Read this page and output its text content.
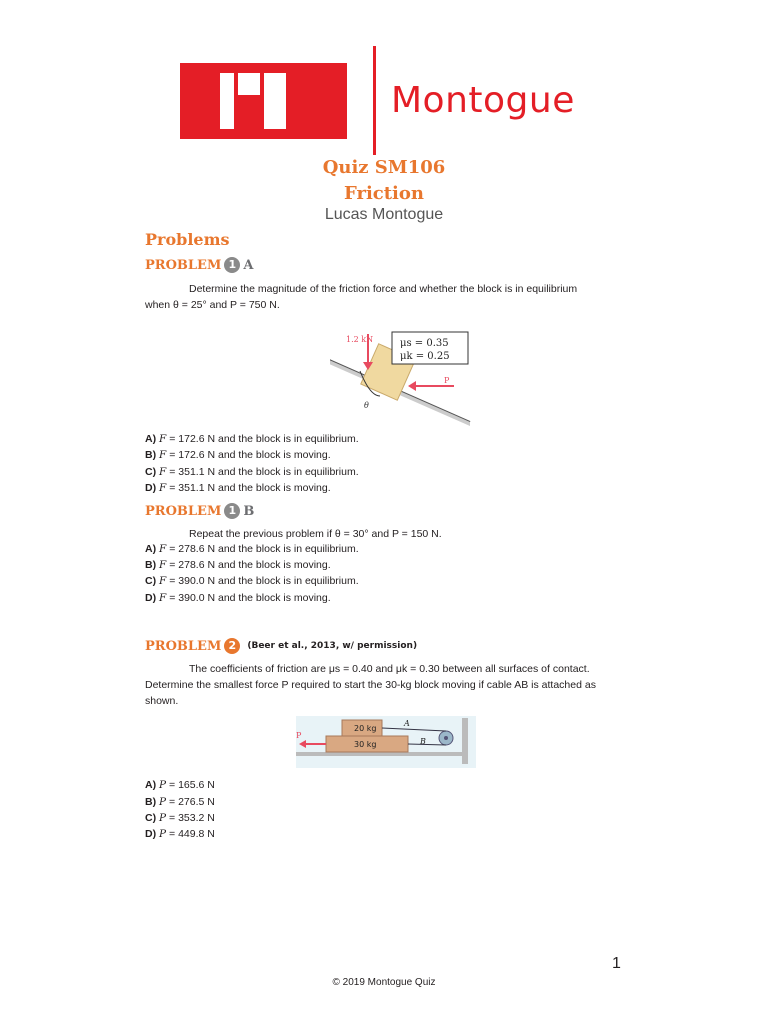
Montogue
Quiz SM106
Friction
Lucas Montogue
Problems
PROBLEM 1 A
Determine the magnitude of the friction force and whether the block is in equilibrium when θ = 25° and P = 750 N.
1.2 kN	μs = 0.35
μk = 0.25
P
θ
A) F = 172.6 N and the block is in equilibrium.
B) F = 172.6 N and the block is moving.
C) F = 351.1 N and the block is in equilibrium.
D) F = 351.1 N and the block is moving.
PROBLEM 1 B
Repeat the previous problem if θ = 30° and P = 150 N.
A) F = 278.6 N and the block is in equilibrium.
B) F = 278.6 N and the block is moving.
C) F = 390.0 N and the block is in equilibrium.
D) F = 390.0 N and the block is moving.
PROBLEM 2	(Beer et al., 2013, w/ permission)
The coefficients of friction are μs = 0.40 and μk = 0.30 between all surfaces of contact. Determine the smallest force P required to start the 30-kg block moving if cable AB is attached as shown.
20 kg
30 kg
A
B
P
A) P = 165.6 N
B) P = 276.5 N
C) P = 353.2 N
D) P = 449.8 N
1
© 2019 Montogue Quiz
